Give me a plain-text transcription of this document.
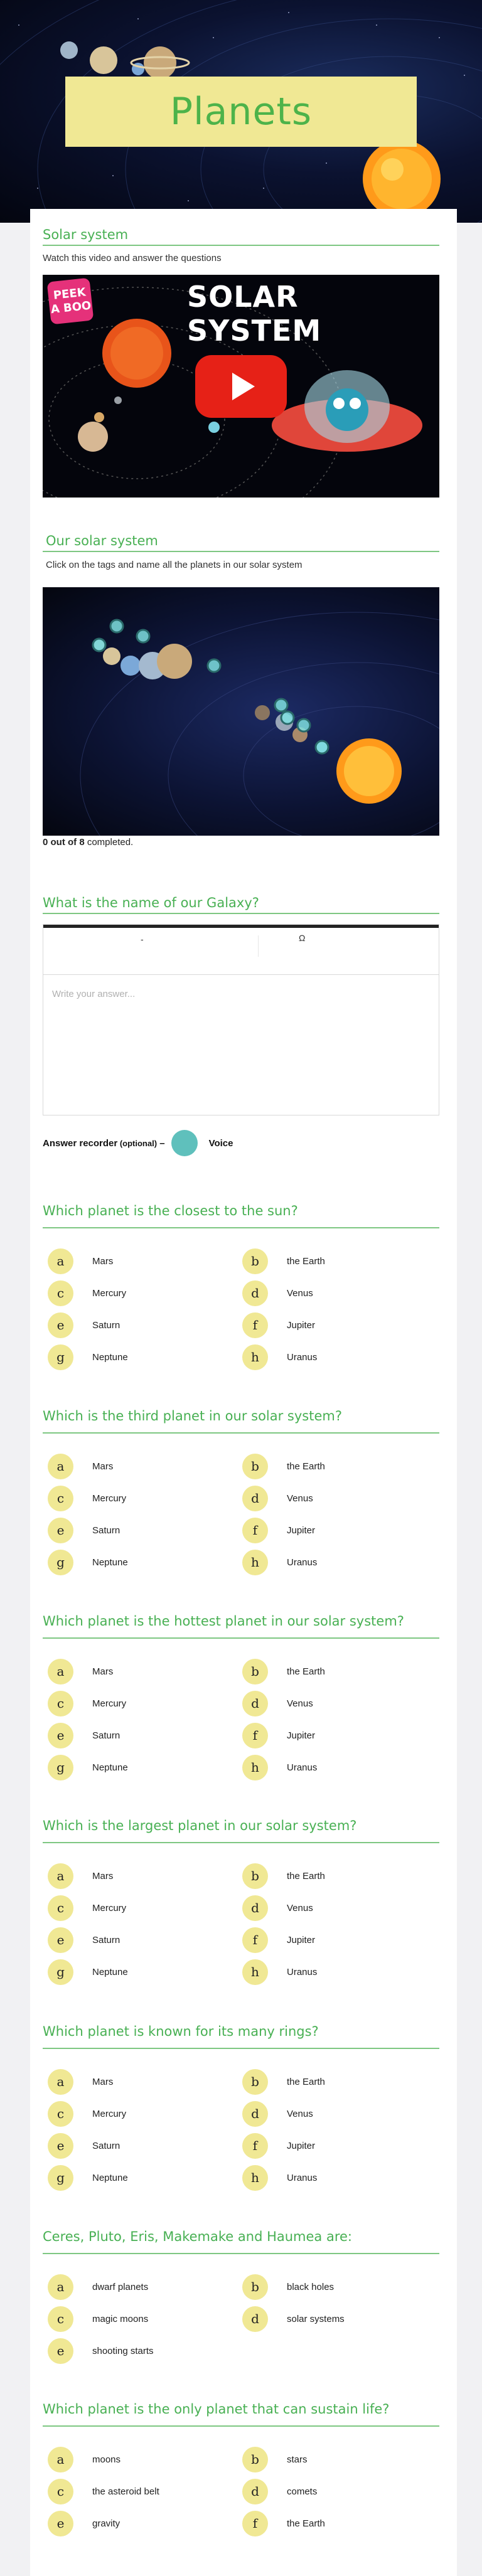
Planets
Solar system
Watch this video and answer the questions
PEEK A BOO	SOLAR SYSTEM
Our solar system
Click on the tags and name all the planets in our solar system
0 out of 8 completed.
What is the name of our Galaxy?
-	Ω
Write your answer...
Answer recorder (optional) –	Voice
Which planet is the closest to the sun?
a	Mars	b	the Earth
c	Mercury	d	Venus
e	Saturn	f	Jupiter
g	Neptune	h	Uranus
Which is the third planet in our solar system?
a	Mars	b	the Earth
c	Mercury	d	Venus
e	Saturn	f	Jupiter
g	Neptune	h	Uranus
Which planet is the hottest planet in our solar system?
a	Mars	b	the Earth
c	Mercury	d	Venus
e	Saturn	f	Jupiter
g	Neptune	h	Uranus
Which is the largest planet in our solar system?
a	Mars	b	the Earth
c	Mercury	d	Venus
e	Saturn	f	Jupiter
g	Neptune	h	Uranus
Which planet is known for its many rings?
a	Mars	b	the Earth
c	Mercury	d	Venus
e	Saturn	f	Jupiter
g	Neptune	h	Uranus
Ceres, Pluto, Eris, Makemake and Haumea are:
a	dwarf planets	b	black holes
c	magic moons	d	solar systems
e	shooting starts
Which planet is the only planet that can sustain life?
a	moons	b	stars
c	the asteroid belt	d	comets
e	gravity	f	the Earth
